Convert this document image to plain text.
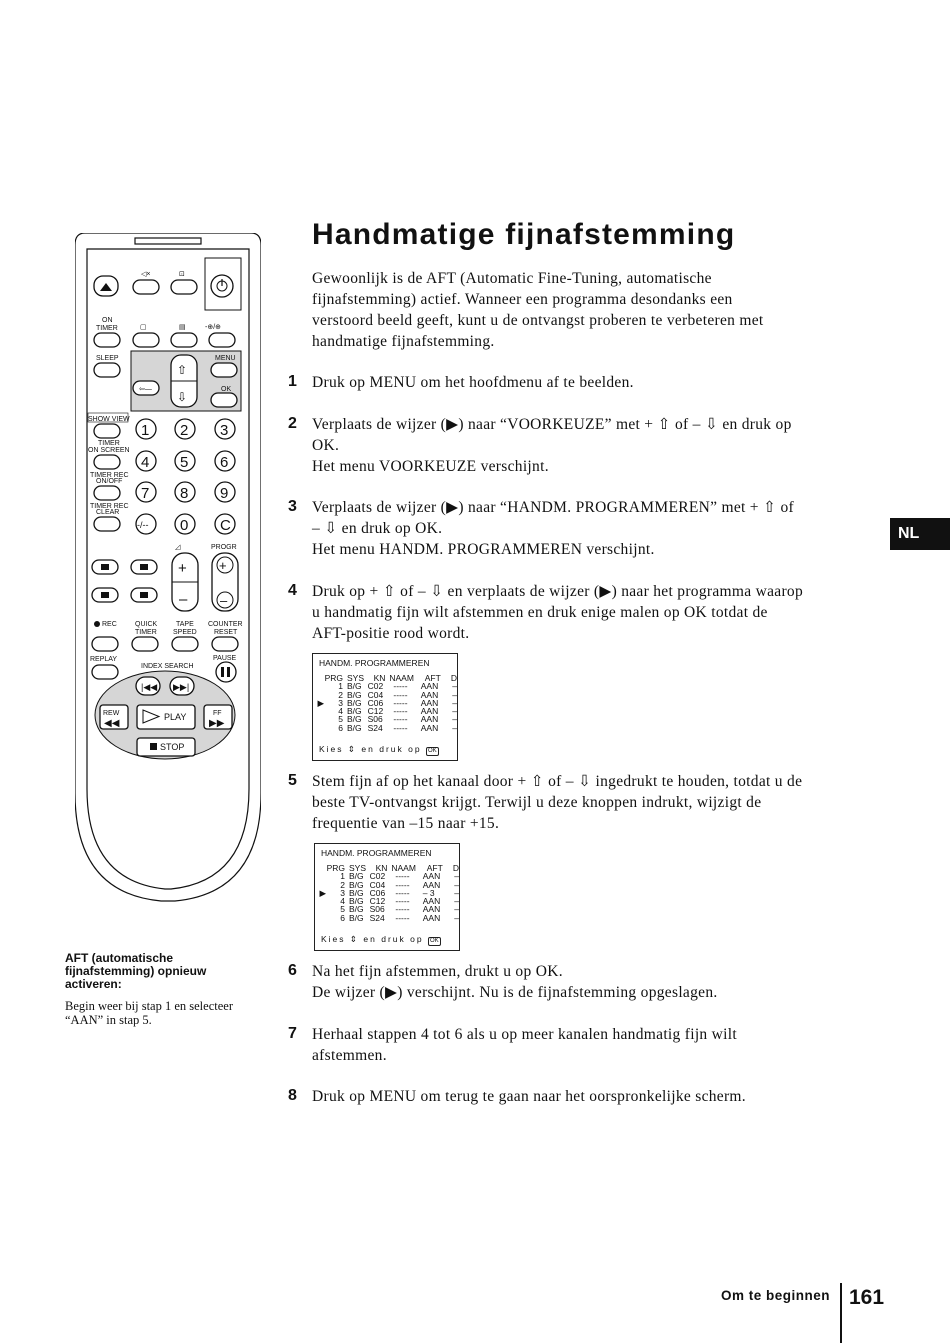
Handmatige fijnafstemming
Gewoonlijk is de AFT (Automatic Fine-Tuning, automatische
fijnafstemming) actief. Wanneer een programma desondanks een
verstoord beeld geeft, kunt u de ontvangst proberen te verbeteren met
handmatige fijnafstemming.
1 Druk op MENU om het hoofdmenu af te beelden.
2 Verplaats de wijzer (▶) naar “VOORKEUZE” met + ⇧ of – ⇩ en druk op
OK.
Het menu VOORKEUZE verschijnt.
3 Verplaats de wijzer (▶) naar “HANDM. PROGRAMMEREN” met + ⇧ of
– ⇩ en druk op OK.
Het menu HANDM. PROGRAMMEREN verschijnt.
4 Druk op + ⇧ of – ⇩ en verplaats de wijzer (▶) naar het programma waarop
u handmatig fijn wilt afstemmen en druk enige malen op OK totdat de
AFT-positie rood wordt.
HANDM. PROGRAMMEREN
	PRG	SYS	KN	NAAM	AFT	D
	1	B/G	C02	-----	AAN	–
	2	B/G	C04	-----	AAN	–
▶	3	B/G	C06	-----	AAN	–
	4	B/G	C12	-----	AAN	–
	5	B/G	S06	-----	AAN	–
	6	B/G	S24	-----	AAN	–
Kies ⇕ en druk op OK
5 Stem fijn af op het kanaal door + ⇧ of – ⇩ ingedrukt te houden, totdat u de
beste TV-ontvangst krijgt. Terwijl u deze knoppen indrukt, wijzigt de
frequentie van –15 naar +15.
HANDM. PROGRAMMEREN
	PRG	SYS	KN	NAAM	AFT	D
	1	B/G	C02	-----	AAN	–
	2	B/G	C04	-----	AAN	–
▶	3	B/G	C06	-----	– 3	–
	4	B/G	C12	-----	AAN	–
	5	B/G	S06	-----	AAN	–
	6	B/G	S24	-----	AAN	–
Kies ⇕ en druk op OK
6 Na het fijn afstemmen, drukt u op OK.
De wijzer (▶) verschijnt. Nu is de fijnafstemming opgeslagen.
7 Herhaal stappen 4 tot 6 als u op meer kanalen handmatig fijn wilt
afstemmen.
8 Druk op MENU om terug te gaan naar het oorspronkelijke scherm.
NL
AFT (automatische
fijnafstemming) opnieuw
activeren:
Begin weer bij stap 1 en selecteer
“AAN” in stap 5.
Om te beginnen 161
◁×	⊡
ON
TIMER	▢	▤	-⊕/⊕
SLEEP	MENU
OK
⇦—
⇧
⇩
SHOW VIEW
TIMER
ON SCREEN
TIMER REC
ON/OFF
TIMER REC
CLEAR
1 2 3
4 5 6
7 8 9
-/-- 0 C
PROGR
◿
+
–
+
–
REC	QUICK
TIMER
TAPE
SPEED
COUNTER
RESET
REPLAY	PAUSE
INDEX SEARCH
|◀◀ ▶▶|
REW
◀◀
PLAY	FF
▶▶
STOP
